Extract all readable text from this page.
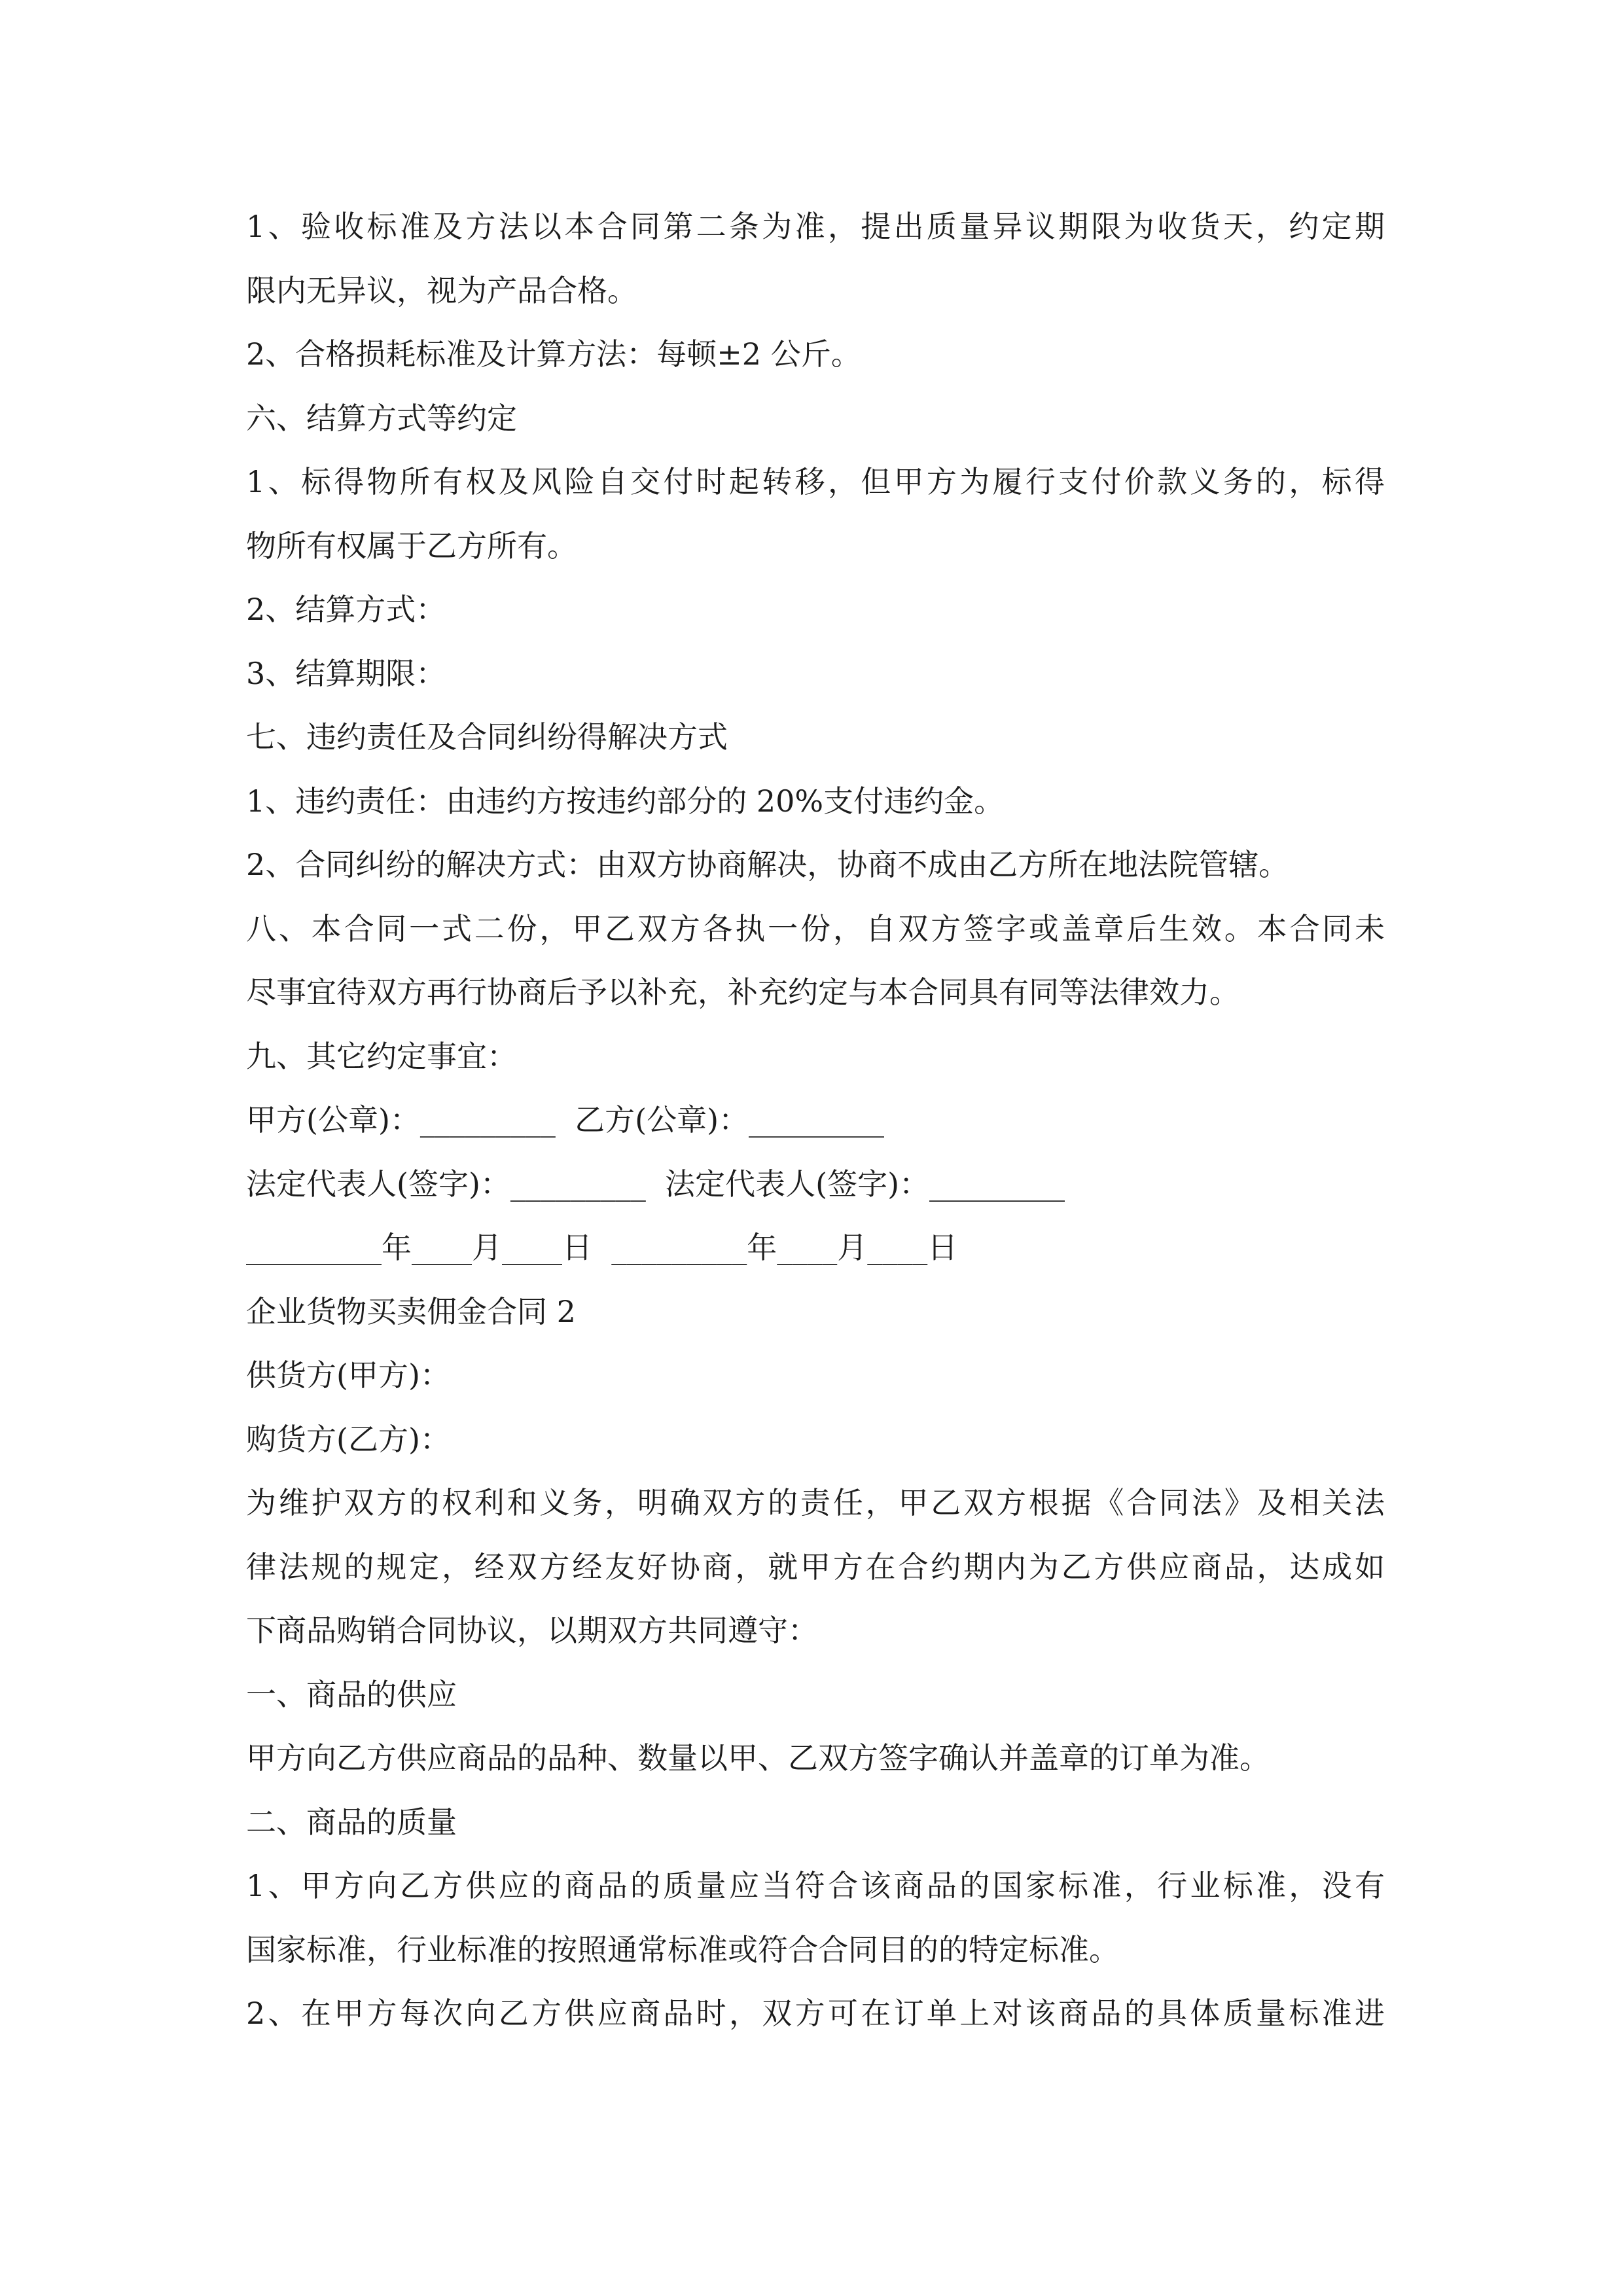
1、验收标准及方法以本合同第二条为准，提出质量异议期限为收货天，约定期
限内无异议，视为产品合格。
2、合格损耗标准及计算方法：每顿±2 公斤。
六、结算方式等约定
1、标得物所有权及风险自交付时起转移，但甲方为履行支付价款义务的，标得
物所有权属于乙方所有。
2、结算方式：
3、结算期限：
七、违约责任及合同纠纷得解决方式
1、违约责任：由违约方按违约部分的 20%支付违约金。
2、合同纠纷的解决方式：由双方协商解决，协商不成由乙方所在地法院管辖。
八、本合同一式二份，甲乙双方各执一份，自双方签字或盖章后生效。本合同未
尽事宜待双方再行协商后予以补充，补充约定与本合同具有同等法律效力。
九、其它约定事宜：
甲方(公章)：_________  乙方(公章)：_________
法定代表人(签字)：_________  法定代表人(签字)：_________
_________年____月____日  _________年____月____日
企业货物买卖佣金合同 2
供货方(甲方)：
购货方(乙方)：
为维护双方的权利和义务，明确双方的责任，甲乙双方根据《合同法》及相关法
律法规的规定，经双方经友好协商，就甲方在合约期内为乙方供应商品，达成如
下商品购销合同协议，以期双方共同遵守：
一、商品的供应
甲方向乙方供应商品的品种、数量以甲、乙双方签字确认并盖章的订单为准。
二、商品的质量
1、甲方向乙方供应的商品的质量应当符合该商品的国家标准，行业标准，没有
国家标准，行业标准的按照通常标准或符合合同目的的特定标准。
2、在甲方每次向乙方供应商品时，双方可在订单上对该商品的具体质量标准进
